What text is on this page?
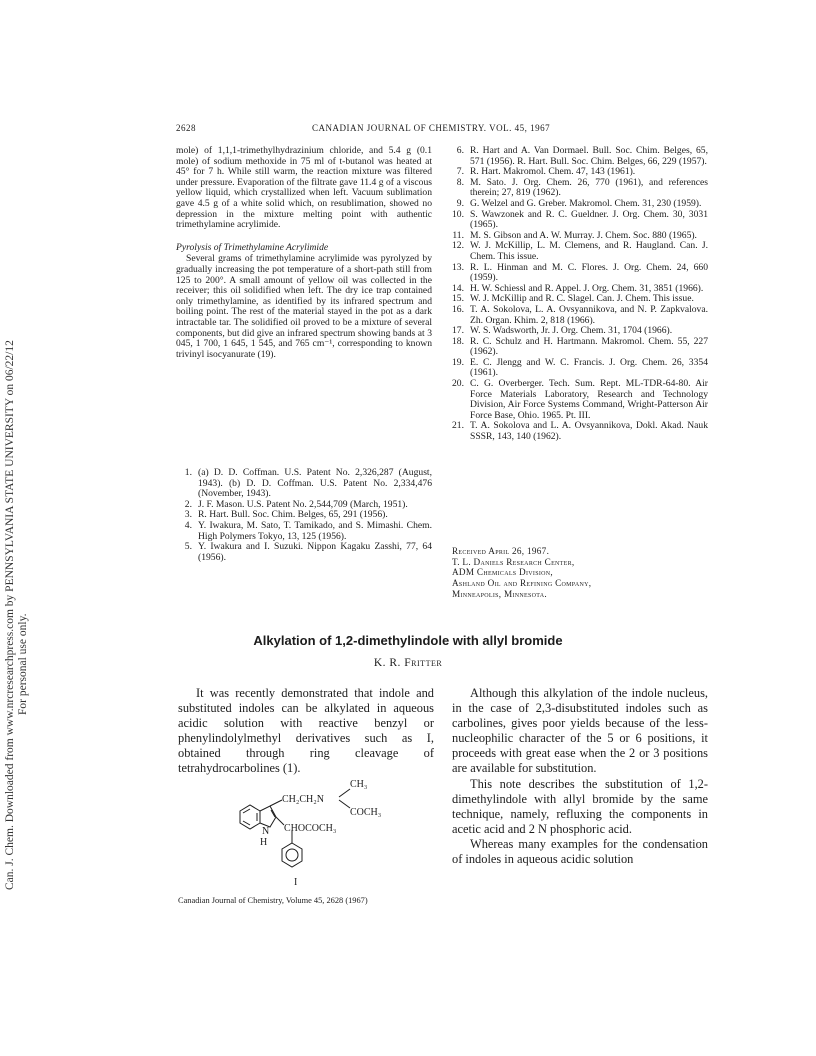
Can. J. Chem. Downloaded from www.nrcresearchpress.com by PENNSYLVANIA STATE UNIVERSITY on 06/22/12 For personal use only.
2628	CANADIAN JOURNAL OF CHEMISTRY. VOL. 45, 1967

mole) of 1,1,1-trimethylhydrazinium chloride, and 5.4 g (0.1 mole) of sodium methoxide in 75 ml of t-butanol was heated at 45° for 7 h. While still warm, the reaction mixture was filtered under pressure. Evaporation of the filtrate gave 11.4 g of a viscous yellow liquid, which crystallized when left. Vacuum sublimation gave 4.5 g of a white solid which, on resublimation, showed no depression in the mixture melting point with authentic trimethylamine acrylimide.

Pyrolysis of Trimethylamine Acrylimide

Several grams of trimethylamine acrylimide was pyrolyzed by gradually increasing the pot temperature of a short-path still from 125 to 200°. A small amount of yellow oil was collected in the receiver; this oil solidified when left. The dry ice trap contained only trimethylamine, as identified by its infrared spectrum and boiling point. The rest of the material stayed in the pot as a dark intractable tar. The solidified oil proved to be a mixture of several components, but did give an infrared spectrum showing bands at 3 045, 1 700, 1 645, 1 545, and 765 cm⁻¹, corresponding to known trivinyl isocyanurate (19).

1. (a) D. D. Coffman. U.S. Patent No. 2,326,287 (August, 1943). (b) D. D. Coffman. U.S. Patent No. 2,334,476 (November, 1943).
2. J. F. Mason. U.S. Patent No. 2,544,709 (March, 1951).
3. R. Hart. Bull. Soc. Chim. Belges, 65, 291 (1956).
4. Y. Iwakura, M. Sato, T. Tamikado, and S. Mimashi. Chem. High Polymers Tokyo, 13, 125 (1956).
5. Y. Iwakura and I. Suzuki. Nippon Kagaku Zasshi, 77, 64 (1956).
6. R. Hart and A. Van Dormael. Bull. Soc. Chim. Belges, 65, 571 (1956). R. Hart. Bull. Soc. Chim. Belges, 66, 229 (1957).
7. R. Hart. Makromol. Chem. 47, 143 (1961).
8. M. Sato. J. Org. Chem. 26, 770 (1961), and references therein; 27, 819 (1962).
9. G. Welzel and G. Greber. Makromol. Chem. 31, 230 (1959).
10. S. Wawzonek and R. C. Gueldner. J. Org. Chem. 30, 3031 (1965).
11. M. S. Gibson and A. W. Murray. J. Chem. Soc. 880 (1965).
12. W. J. McKillip, L. M. Clemens, and R. Haugland. Can. J. Chem. This issue.
13. R. L. Hinman and M. C. Flores. J. Org. Chem. 24, 660 (1959).
14. H. W. Schiessl and R. Appel. J. Org. Chem. 31, 3851 (1966).
15. W. J. McKillip and R. C. Slagel. Can. J. Chem. This issue.
16. T. A. Sokolova, L. A. Ovsyannikova, and N. P. Zapkvalova. Zh. Organ. Khim. 2, 818 (1966).
17. W. S. Wadsworth, Jr. J. Org. Chem. 31, 1704 (1966).
18. R. C. Schulz and H. Hartmann. Makromol. Chem. 55, 227 (1962).
19. E. C. Jlengg and W. C. Francis. J. Org. Chem. 26, 3354 (1961).
20. C. G. Overberger. Tech. Sum. Rept. ML-TDR-64-80. Air Force Materials Laboratory, Research and Technology Division, Air Force Systems Command, Wright-Patterson Air Force Base, Ohio. 1965. Pt. III.
21. T. A. Sokolova and L. A. Ovsyannikova, Dokl. Akad. Nauk SSSR, 143, 140 (1962).
Received April 26, 1967.
T. L. Daniels Research Center,
ADM Chemicals Division,
Ashland Oil and Refining Company,
Minneapolis, Minnesota.
Alkylation of 1,2-dimethylindole with allyl bromide
K. R. Fritter

It was recently demonstrated that indole and substituted indoles can be alkylated in aqueous acidic solution with reactive benzyl or phenylindolylmethyl derivatives such as I, obtained through ring cleavage of tetrahydrocarbolines (1).

CH₃
CH₂CH₂N
COCH₃
N
H
CHOCOCH₃
I

Although this alkylation of the indole nucleus, in the case of 2,3-disubstituted indoles such as carbolines, gives poor yields because of the less-nucleophilic character of the 5 or 6 positions, it proceeds with great ease when the 2 or 3 positions are available for substitution.

This note describes the substitution of 1,2-dimethylindole with allyl bromide by the same technique, namely, refluxing the components in acetic acid and 2 N phosphoric acid.

Whereas many examples for the condensation of indoles in aqueous acidic solution

Canadian Journal of Chemistry, Volume 45, 2628 (1967)
